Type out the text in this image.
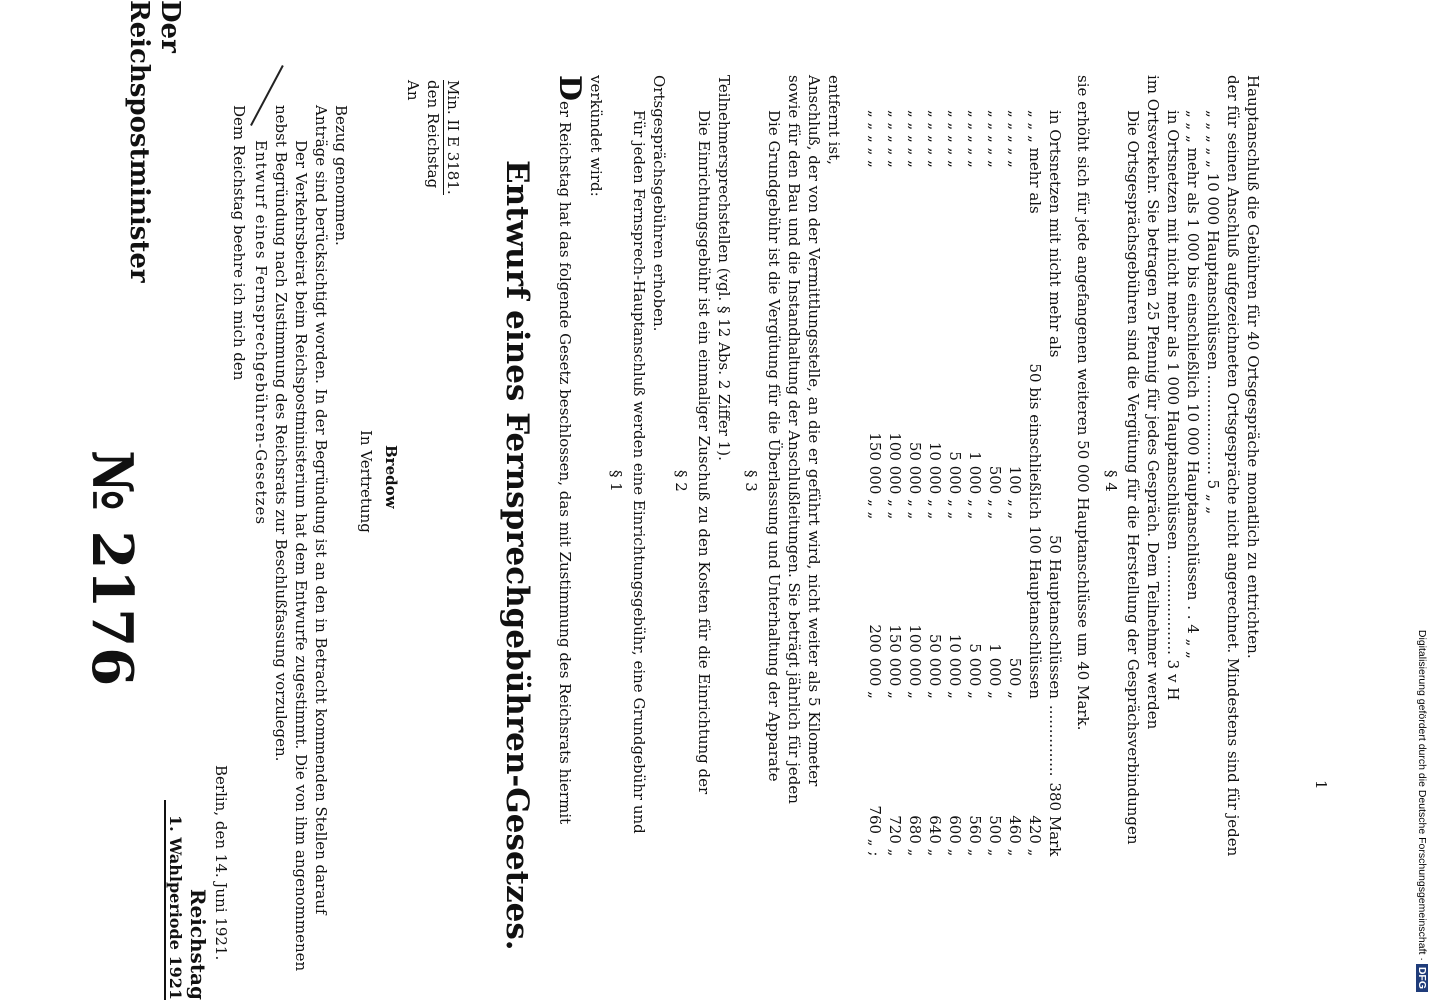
Der Reichspostminister
№ 2176
Reichstag
1. Wahlperiode 1921 Berlin, den 14. Juni 1921.
Dem Reichstag beehre ich mich den Entwurf eines Fernsprechgebühren-Gesetzes nebst Begründung nach Zustimmung des Reichsrats zur Beschlußfassung vorzulegen. Der Verkehrsbeirat beim Reichspostministerium hat dem Entwurfe zugestimmt. Die von ihm angenommenen Anträge sind berücksichtigt worden. In der Begründung ist an den in Betracht kommenden Stellen darauf Bezug genommen.
In Vertretung Bredow
An den Reichstag Min. II E 3181.
Entwurf eines Fernsprechgebühren-Gesetzes.
Der Reichstag hat das folgende Gesetz beschlossen, das mit Zustimmung des Reichsrats hiermit verkündet wird:
§ 1 Für jeden Fernsprech-Hauptanschluß werden eine Einrichtungsgebühr, eine Grundgebühr und Ortsgesprächsgebühren erhoben.
§ 2 Die Einrichtungsgebühr ist ein einmaliger Zuschuß zu den Kosten für die Einrichtung der Teilnehmersprechstellen (vgl. § 12 Abs. 2 Ziffer 1).
§ 3 Die Grundgebühr ist die Vergütung für die Überlassung und Unterhaltung der Apparate sowie für den Bau und die Instandhaltung der Anschlußleitungen. Sie beträgt jährlich für jeden Anschluß, der von der Vermittlungsstelle, an die er geführt wird, nicht weiter als 5 Kilometer entfernt ist,	in Ortsnetzen mit nicht mehr als		50 Hauptanschlüssen	...............	380 Mark
„ „ „ mehr als	50 bis einschließlich	100 Hauptanschlüssen		420 „
„ „ „ „ „	100 „ „	500 „		460 „
„ „ „ „ „	500 „ „	1 000 „		500 „
„ „ „ „ „	1 000 „ „	5 000 „		560 „
„ „ „ „ „	5 000 „ „	10 000 „		600 „
„ „ „ „ „	10 000 „ „	50 000 „		640 „
„ „ „ „ „	50 000 „ „	100 000 „		680 „
„ „ „ „ „	100 000 „ „	150 000 „		720 „
„ „ „ „ „	150 000 „ „	200 000 „		760 „ ;
sie erhöht sich für jede angefangenen weiteren 50 000 Hauptanschlüsse um 40 Mark. § 4 Die Ortsgesprächsgebühren sind die Vergütung für die Herstellung der Gesprächsverbindungen im Ortsverkehr. Sie betragen 25 Pfennig für jedes Gespräch. Dem Teilnehmer werden in Ortsnetzen mit nicht mehr als 1 000 Hauptanschlüssen ..................... 3 v H „ „ „ mehr als 1 000 bis einschließlich 10 000 Hauptanschlüssen . . 4 „ „ „ „ „ „ „ 10 000 Hauptanschlüssen ..................... 5 „ „ der für seinen Anschluß aufgezeichneten Ortsgespräche nicht angerechnet. Mindestens sind für jeden Hauptanschluß die Gebühren für 40 Ortsgespräche monatlich zu entrichten.
1	Digitalisierung gefördert durch die Deutsche Forschungsgemeinschaft ·DFG
